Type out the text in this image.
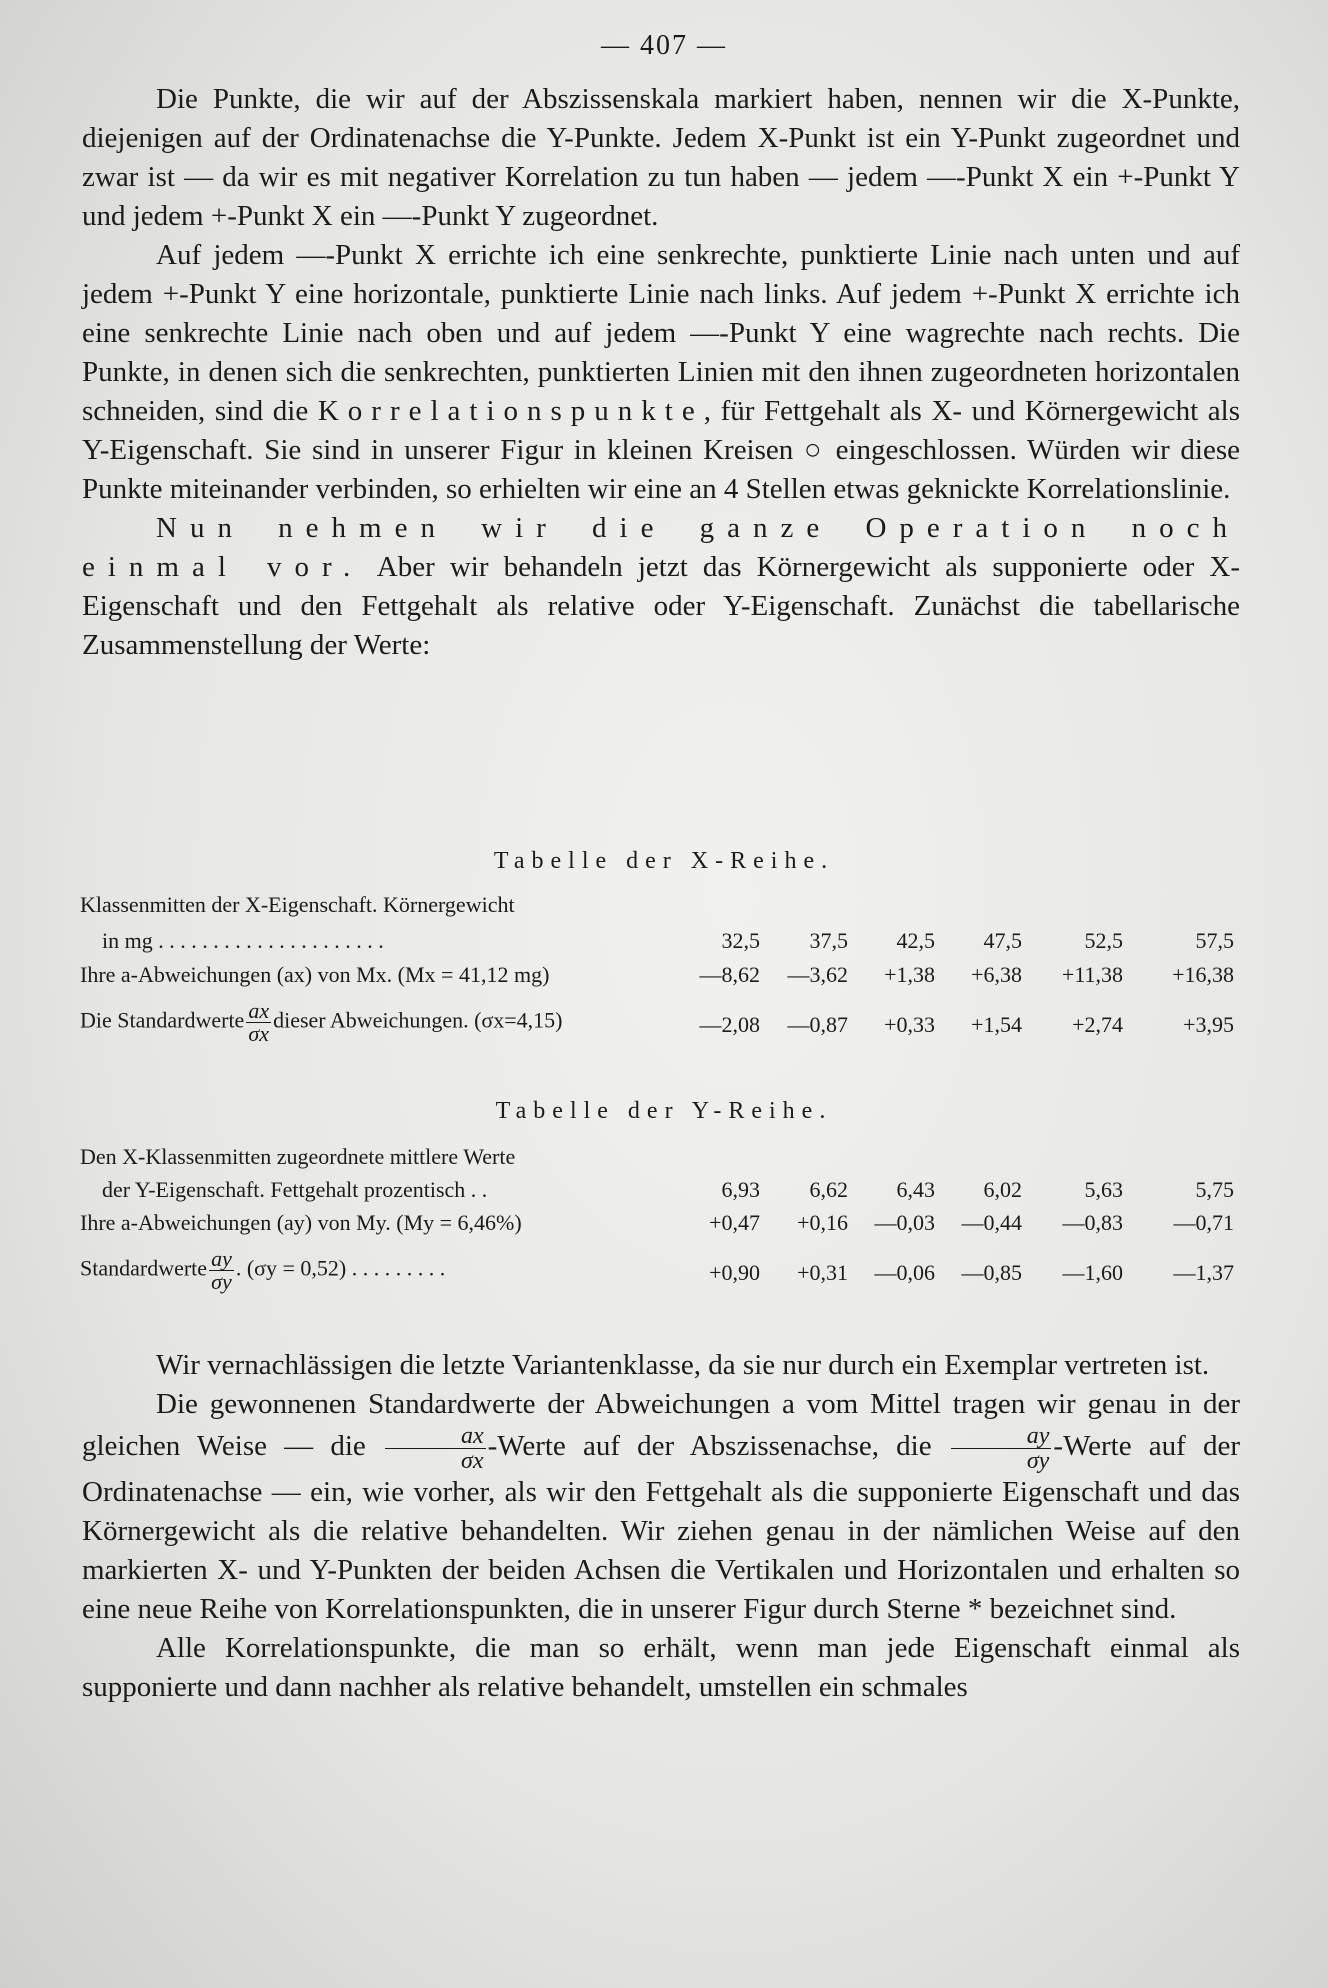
— 407 —

Die Punkte, die wir auf der Abszissenskala markiert haben, nennen wir die X-Punkte, diejenigen auf der Ordinatenachse die Y-Punkte. Jedem X-Punkt ist ein Y-Punkt zugeordnet und zwar ist — da wir es mit negativer Korrelation zu tun haben — jedem —-Punkt X ein +-Punkt Y und jedem +-Punkt X ein —-Punkt Y zugeordnet.

Auf jedem —-Punkt X errichte ich eine senkrechte, punktierte Linie nach unten und auf jedem +-Punkt Y eine horizontale, punktierte Linie nach links. Auf jedem +-Punkt X errichte ich eine senkrechte Linie nach oben und auf jedem —-Punkt Y eine wagrechte nach rechts. Die Punkte, in denen sich die senkrechten, punktierten Linien mit den ihnen zugeordneten horizontalen schneiden, sind die Korrelationspunkte, für Fettgehalt als X- und Körnergewicht als Y-Eigenschaft. Sie sind in unserer Figur in kleinen Kreisen ○ eingeschlossen. Würden wir diese Punkte miteinander verbinden, so erhielten wir eine an 4 Stellen etwas geknickte Korrelationslinie.

Nun nehmen wir die ganze Operation noch einmal vor. Aber wir behandeln jetzt das Körnergewicht als supponierte oder X-Eigenschaft und den Fettgehalt als relative oder Y-Eigenschaft. Zunächst die tabellarische Zusammenstellung der Werte:

Tabelle der X-Reihe.
Klassenmitten der X-Eigenschaft. Körnergewicht
in mg . . . . . . . . . . . . . . . . . . . . .	32,5	37,5	42,5	47,5	52,5	57,5
Ihre a-Abweichungen (ax) von Mx. (Mx = 41,12 mg)	—8,62	—3,62	+1,38	+6,38	+11,38	+16,38
Die Standardwerte $\frac{ax}{\sigma x}$ dieser Abweichungen. (σx=4,15)	—2,08	—0,87	+0,33	+1,54	+2,74	+3,95
Tabelle der Y-Reihe.
Den X-Klassenmitten zugeordnete mittlere Werte
der Y-Eigenschaft. Fettgehalt prozentisch . .	6,93	6,62	6,43	6,02	5,63	5,75
Ihre a-Abweichungen (ay) von My. (My = 6,46%)	+0,47	+0,16	—0,03	—0,44	—0,83	—0,71
Standardwerte $\frac{ay}{\sigma y}$ . (σy = 0,52) . . . . . . . . .	+0,90	+0,31	—0,06	—0,85	—1,60	—1,37

Wir vernachlässigen die letzte Variantenklasse, da sie nur durch ein Exemplar vertreten ist.

Die gewonnenen Standardwerte der Abweichungen a vom Mittel tragen wir genau in der gleichen Weise — die $\frac{ax}{\sigma x}$ -Werte auf der Abszissenachse, die $\frac{ay}{\sigma y}$ -Werte auf der Ordinatenachse — ein, wie vorher, als wir den Fettgehalt als die supponierte Eigenschaft und das Körnergewicht als die relative behandelten. Wir ziehen genau in der nämlichen Weise auf den markierten X- und Y-Punkten der beiden Achsen die Vertikalen und Horizontalen und erhalten so eine neue Reihe von Korrelationspunkten, die in unserer Figur durch Sterne * bezeichnet sind.

Alle Korrelationspunkte, die man so erhält, wenn man jede Eigenschaft einmal als supponierte und dann nachher als relative behandelt, umstellen ein schmales
